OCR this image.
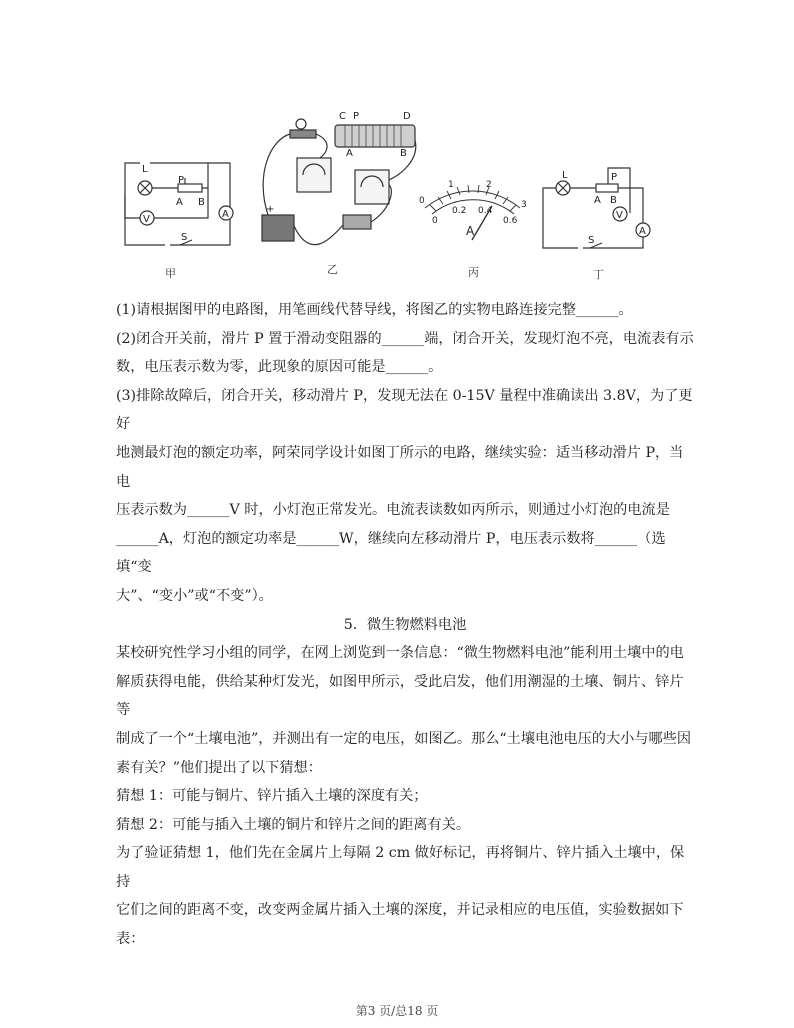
L
P
A B
V	A
S
C P	D
A	B
+
0
1	2
3
0
0.2 0.4
0.6
A
L	P
A B
V
A
S
甲	乙	丙	丁

(1)请根据图甲的电路图，用笔画线代替导线，将图乙的实物电路连接完整______。

(2)闭合开关前，滑片 P 置于滑动变阻器的______端，闭合开关，发现灯泡不亮，电流表有示

数，电压表示数为零，此现象的原因可能是______。

(3)排除故障后，闭合开关，移动滑片 P，发现无法在 0-15V 量程中准确读出 3.8V，为了更好

地测最灯泡的额定功率，阿荣同学设计如图丁所示的电路，继续实验：适当移动滑片 P，当电

压表示数为______V 时，小灯泡正常发光。电流表读数如丙所示，则通过小灯泡的电流是

______A，灯泡的额定功率是______W，继续向左移动滑片 P，电压表示数将______（选填“变

大”、“变小”或“不变”）。

5．微生物燃料电池

某校研究性学习小组的同学，在网上浏览到一条信息：“微生物燃料电池”能利用土壤中的电

解质获得电能，供给某种灯发光，如图甲所示，受此启发，他们用潮湿的土壤、铜片、锌片等

制成了一个“土壤电池”，并测出有一定的电压，如图乙。那么“土壤电池电压的大小与哪些因

素有关？”他们提出了以下猜想：

猜想 1：可能与铜片、锌片插入土壤的深度有关；

猜想 2：可能与插入土壤的铜片和锌片之间的距离有关。

为了验证猜想 1，他们先在金属片上每隔 2 cm 做好标记，再将铜片、锌片插入土壤中，保持

它们之间的距离不变，改变两金属片插入土壤的深度，并记录相应的电压值，实验数据如下表：

第3 页/总18 页
